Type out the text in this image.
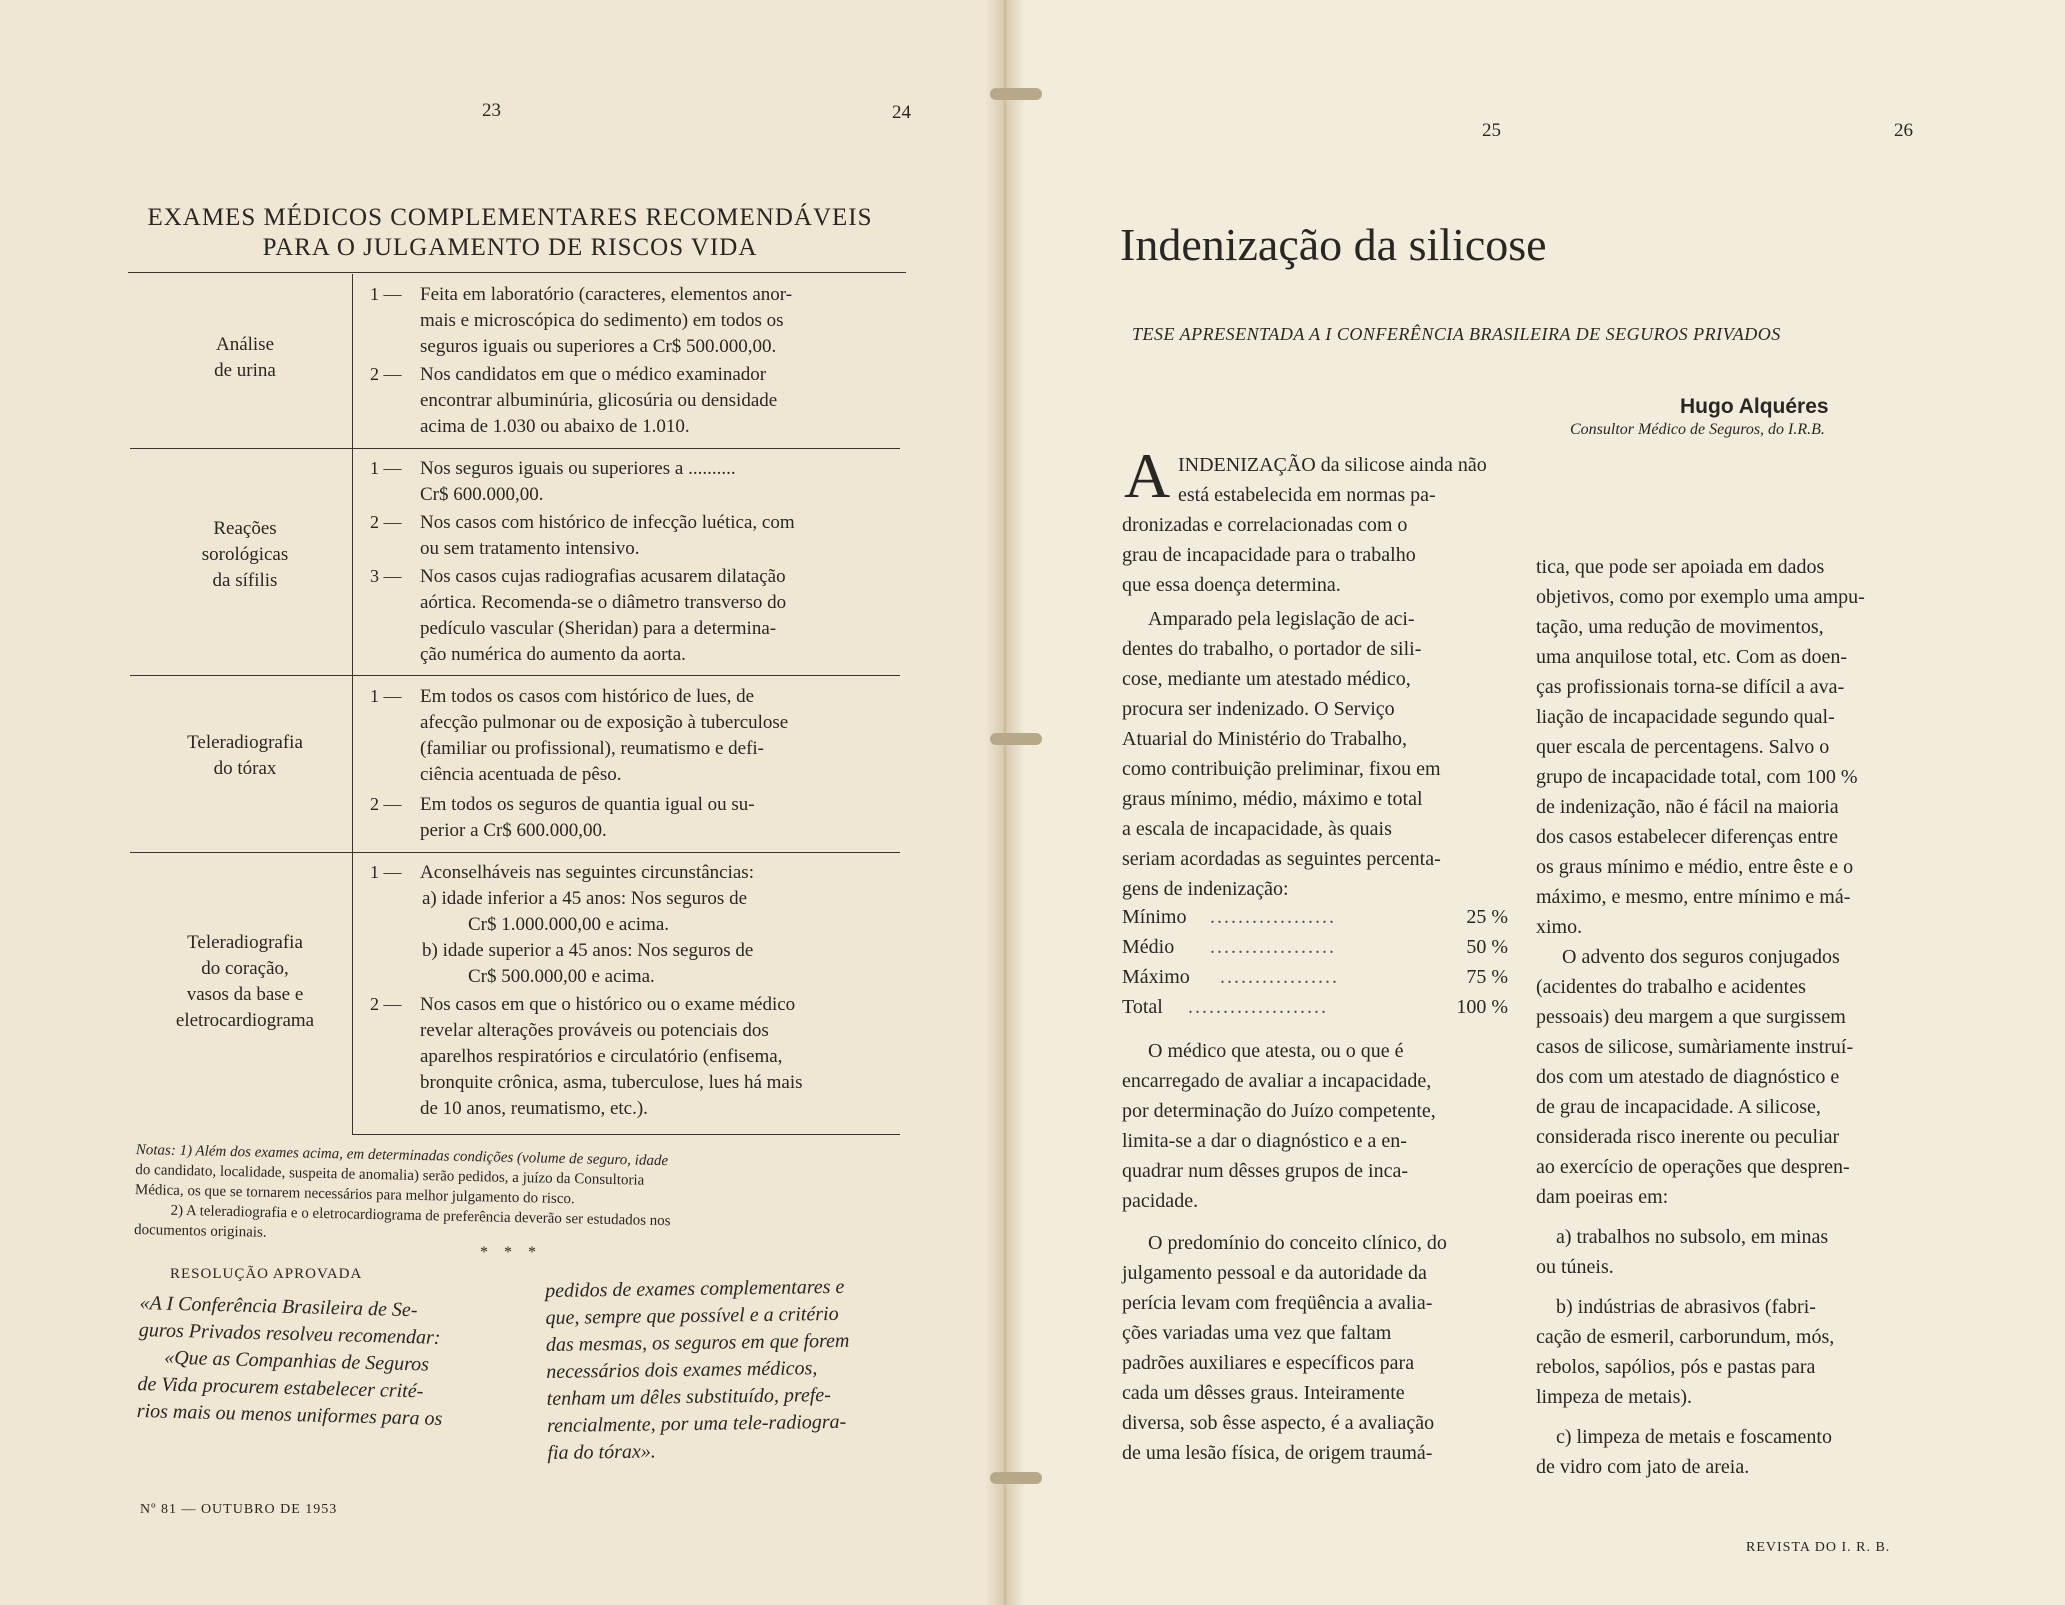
23	24
EXAMES MÉDICOS COMPLEMENTARES RECOMENDÁVEIS
PARA O JULGAMENTO DE RISCOS VIDA
Análise
de urina
1 — Feita em laboratório (caracteres, elementos anor-
mais e microscópica do sedimento) em todos os
seguros iguais ou superiores a Cr$ 500.000,00.
2 — Nos candidatos em que o médico examinador
encontrar albuminúria, glicosúria ou densidade
acima de 1.030 ou abaixo de 1.010.
Reações
sorológicas
da sífilis
1 — Nos seguros iguais ou superiores a ..........
Cr$ 600.000,00.
2 — Nos casos com histórico de infecção luética, com
ou sem tratamento intensivo.
3 — Nos casos cujas radiografias acusarem dilatação
aórtica. Recomenda-se o diâmetro transverso do
pedículo vascular (Sheridan) para a determina-
ção numérica do aumento da aorta.
Teleradiografia
do tórax
1 — Em todos os casos com histórico de lues, de
afecção pulmonar ou de exposição à tuberculose
(familiar ou profissional), reumatismo e defi-
ciência acentuada de pêso.
2 — Em todos os seguros de quantia igual ou su-
perior a Cr$ 600.000,00.
Teleradiografia
do coração,
vasos da base e
eletrocardiograma
1 — Aconselháveis nas seguintes circunstâncias:
a) idade inferior a 45 anos: Nos seguros de
Cr$ 1.000.000,00 e acima.
b) idade superior a 45 anos: Nos seguros de
Cr$ 500.000,00 e acima.
2 — Nos casos em que o histórico ou o exame médico
revelar alterações prováveis ou potenciais dos
aparelhos respiratórios e circulatório (enfisema,
bronquite crônica, asma, tuberculose, lues há mais
de 10 anos, reumatismo, etc.).
Notas: 1) Além dos exames acima, em determinadas condições (volume de seguro, idade
do candidato, localidade, suspeita de anomalia) serão pedidos, a juízo da Consultoria
Médica, os que se tornarem necessários para melhor julgamento do risco.
2) A teleradiografia e o eletrocardiograma de preferência deverão ser estudados nos
documentos originais.
* * *
RESOLUÇÃO APROVADA
«A I Conferência Brasileira de Se-
guros Privados resolveu recomendar:
«Que as Companhias de Seguros
de Vida procurem estabelecer crité-
rios mais ou menos uniformes para os
pedidos de exames complementares e
que, sempre que possível e a critério
das mesmas, os seguros em que forem
necessários dois exames médicos,
tenham um dêles substituído, prefe-
rencialmente, por uma tele-radiogra-
fia do tórax».
Nº 81 — OUTUBRO DE 1953
25	26
Indenização da silicose
TESE APRESENTADA A I CONFERÊNCIA BRASILEIRA DE SEGUROS PRIVADOS
Hugo Alquéres
Consultor Médico de Seguros, do I.R.B.
A INDENIZAÇÃO da silicose ainda não
está estabelecida em normas pa-
dronizadas e correlacionadas com o
grau de incapacidade para o trabalho
que essa doença determina.
Amparado pela legislação de aci-
dentes do trabalho, o portador de sili-
cose, mediante um atestado médico,
procura ser indenizado. O Serviço
Atuarial do Ministério do Trabalho,
como contribuição preliminar, fixou em
graus mínimo, médio, máximo e total
a escala de incapacidade, às quais
seriam acordadas as seguintes percenta-
gens de indenização:
Mínimo ..................	25 %
Médio ..................	50 %
Máximo .................	75 %
Total ....................	100 %
O médico que atesta, ou o que é
encarregado de avaliar a incapacidade,
por determinação do Juízo competente,
limita-se a dar o diagnóstico e a en-
quadrar num dêsses grupos de inca-
pacidade.
O predomínio do conceito clínico, do
julgamento pessoal e da autoridade da
perícia levam com freqüência a avalia-
ções variadas uma vez que faltam
padrões auxiliares e específicos para
cada um dêsses graus. Inteiramente
diversa, sob êsse aspecto, é a avaliação
de uma lesão física, de origem traumá-
tica, que pode ser apoiada em dados
objetivos, como por exemplo uma ampu-
tação, uma redução de movimentos,
uma anquilose total, etc. Com as doen-
ças profissionais torna-se difícil a ava-
liação de incapacidade segundo qual-
quer escala de percentagens. Salvo o
grupo de incapacidade total, com 100 %
de indenização, não é fácil na maioria
dos casos estabelecer diferenças entre
os graus mínimo e médio, entre êste e o
máximo, e mesmo, entre mínimo e má-
ximo.
O advento dos seguros conjugados
(acidentes do trabalho e acidentes
pessoais) deu margem a que surgissem
casos de silicose, sumàriamente instruí-
dos com um atestado de diagnóstico e
de grau de incapacidade. A silicose,
considerada risco inerente ou peculiar
ao exercício de operações que despren-
dam poeiras em:
a) trabalhos no subsolo, em minas
ou túneis.
b) indústrias de abrasivos (fabri-
cação de esmeril, carborundum, mós,
rebolos, sapólios, pós e pastas para
limpeza de metais).
c) limpeza de metais e foscamento
de vidro com jato de areia.
REVISTA DO I. R. B.
